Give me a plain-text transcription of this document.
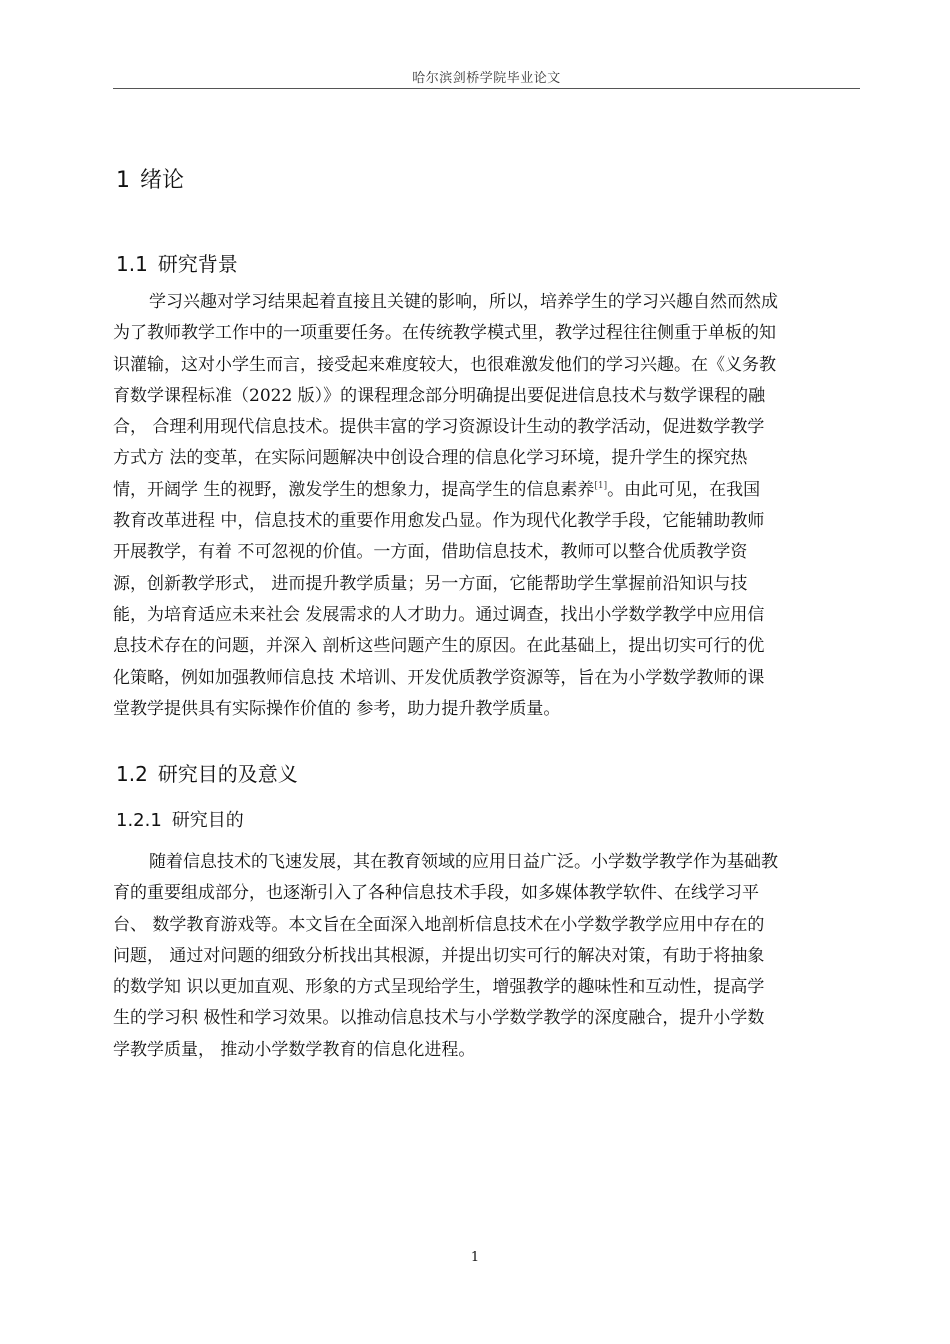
哈尔滨剑桥学院毕业论文
1 绪论
1.1 研究背景
学习兴趣对学习结果起着直接且关键的影响，所以，培养学生的学习兴趣自然而然成
为了教师教学工作中的一项重要任务。在传统教学模式里，教学过程往往侧重于单板的知
识灌输，这对小学生而言，接受起来难度较大，也很难激发他们的学习兴趣。在《义务教
育数学课程标准（2022 版）》的课程理念部分明确提出要促进信息技术与数学课程的融
合， 合理利用现代信息技术。提供丰富的学习资源设计生动的教学活动，促进数学教学
方式方 法的变革，在实际问题解决中创设合理的信息化学习环境，提升学生的探究热
情，开阔学 生的视野，激发学生的想象力，提高学生的信息素养[1]。由此可见，在我国
教育改革进程 中，信息技术的重要作用愈发凸显。作为现代化教学手段，它能辅助教师
开展教学，有着 不可忽视的价值。一方面，借助信息技术，教师可以整合优质教学资
源，创新教学形式， 进而提升教学质量；另一方面，它能帮助学生掌握前沿知识与技
能，为培育适应未来社会 发展需求的人才助力。通过调查，找出小学数学教学中应用信
息技术存在的问题，并深入 剖析这些问题产生的原因。在此基础上，提出切实可行的优
化策略，例如加强教师信息技 术培训、开发优质教学资源等，旨在为小学数学教师的课
堂教学提供具有实际操作价值的 参考，助力提升教学质量。
1.2 研究目的及意义
1.2.1 研究目的
随着信息技术的飞速发展，其在教育领域的应用日益广泛。小学数学教学作为基础教
育的重要组成部分，也逐渐引入了各种信息技术手段，如多媒体教学软件、在线学习平
台、 数学教育游戏等。本文旨在全面深入地剖析信息技术在小学数学教学应用中存在的
问题， 通过对问题的细致分析找出其根源，并提出切实可行的解决对策，有助于将抽象
的数学知 识以更加直观、形象的方式呈现给学生，增强教学的趣味性和互动性，提高学
生的学习积 极性和学习效果。以推动信息技术与小学数学教学的深度融合，提升小学数
学教学质量， 推动小学数学教育的信息化进程。
1
